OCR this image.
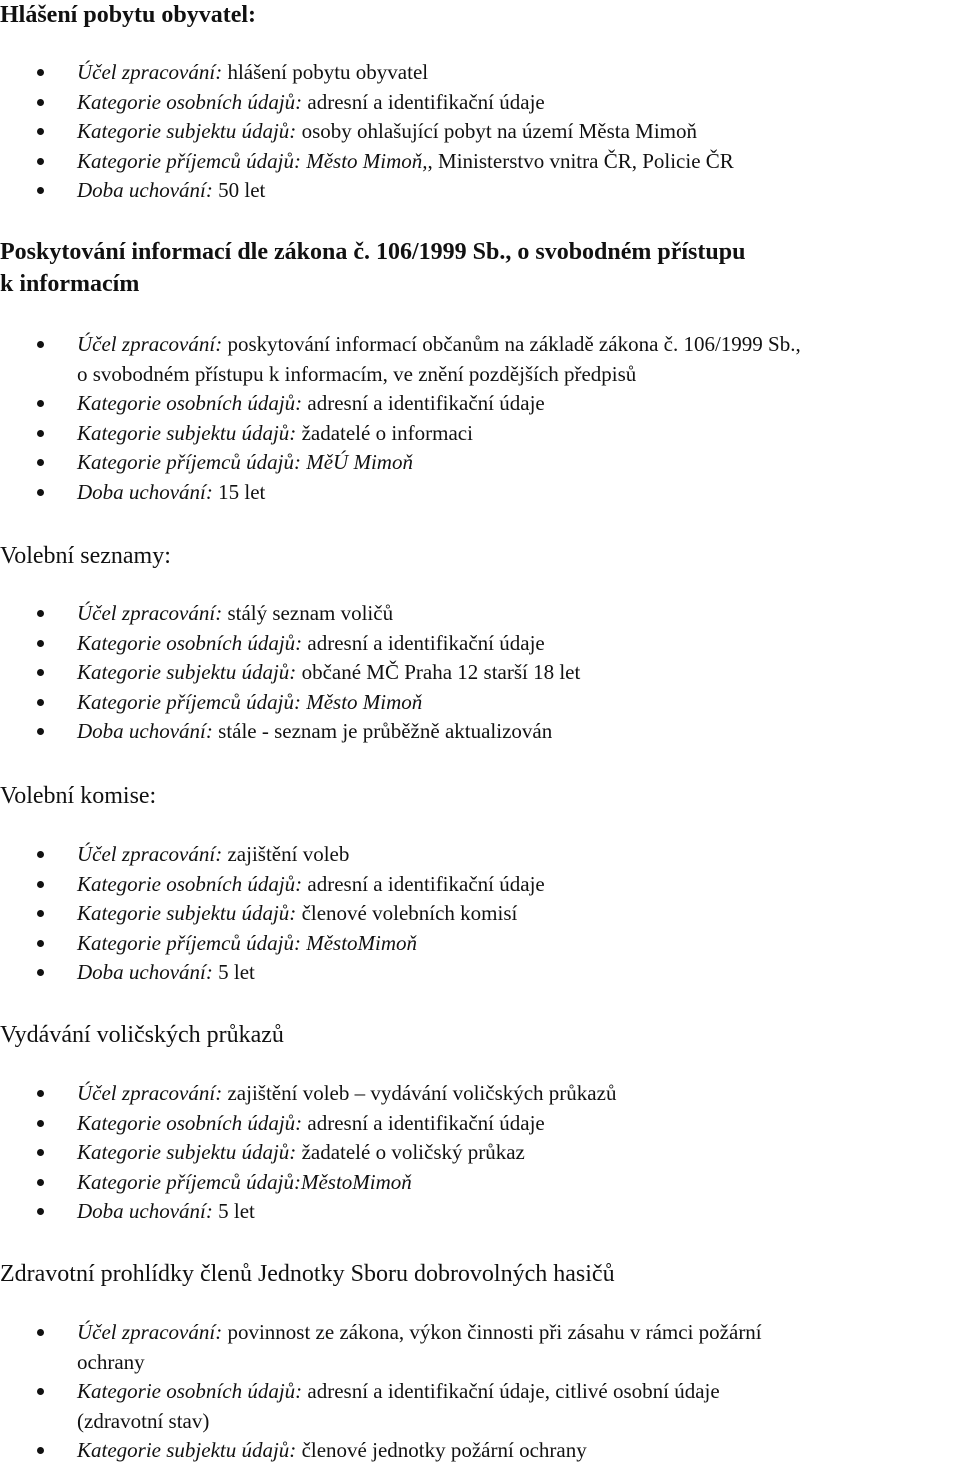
Hlášení pobytu obyvatel:
Účel zpracování: hlášení pobytu obyvatel
Kategorie osobních údajů: adresní a identifikační údaje
Kategorie subjektu údajů: osoby ohlašující pobyt na území Města Mimoň
Kategorie příjemců údajů: Město Mimoň,, Ministerstvo vnitra ČR, Policie ČR
Doba uchování: 50 let
Poskytování informací dle zákona č. 106/1999 Sb., o svobodném přístupu
k informacím
Účel zpracování: poskytování informací občanům na základě zákona č. 106/1999 Sb.,
o svobodném přístupu k informacím, ve znění pozdějších předpisů
Kategorie osobních údajů: adresní a identifikační údaje
Kategorie subjektu údajů: žadatelé o informaci
Kategorie příjemců údajů: MěÚ Mimoň
Doba uchování: 15 let
Volební seznamy:
Účel zpracování: stálý seznam voličů
Kategorie osobních údajů: adresní a identifikační údaje
Kategorie subjektu údajů: občané MČ Praha 12 starší 18 let
Kategorie příjemců údajů: Město Mimoň
Doba uchování: stále - seznam je průběžně aktualizován
Volební komise:
Účel zpracování: zajištění voleb
Kategorie osobních údajů: adresní a identifikační údaje
Kategorie subjektu údajů: členové volebních komisí
Kategorie příjemců údajů: MěstoMimoň
Doba uchování: 5 let
Vydávání voličských průkazů
Účel zpracování: zajištění voleb – vydávání voličských průkazů
Kategorie osobních údajů: adresní a identifikační údaje
Kategorie subjektu údajů: žadatelé o voličský průkaz
Kategorie příjemců údajů:MěstoMimoň
Doba uchování: 5 let
Zdravotní prohlídky členů Jednotky Sboru dobrovolných hasičů
Účel zpracování: povinnost ze zákona, výkon činnosti při zásahu v rámci požární
ochrany
Kategorie osobních údajů: adresní a identifikační údaje, citlivé osobní údaje
(zdravotní stav)
Kategorie subjektu údajů: členové jednotky požární ochrany
